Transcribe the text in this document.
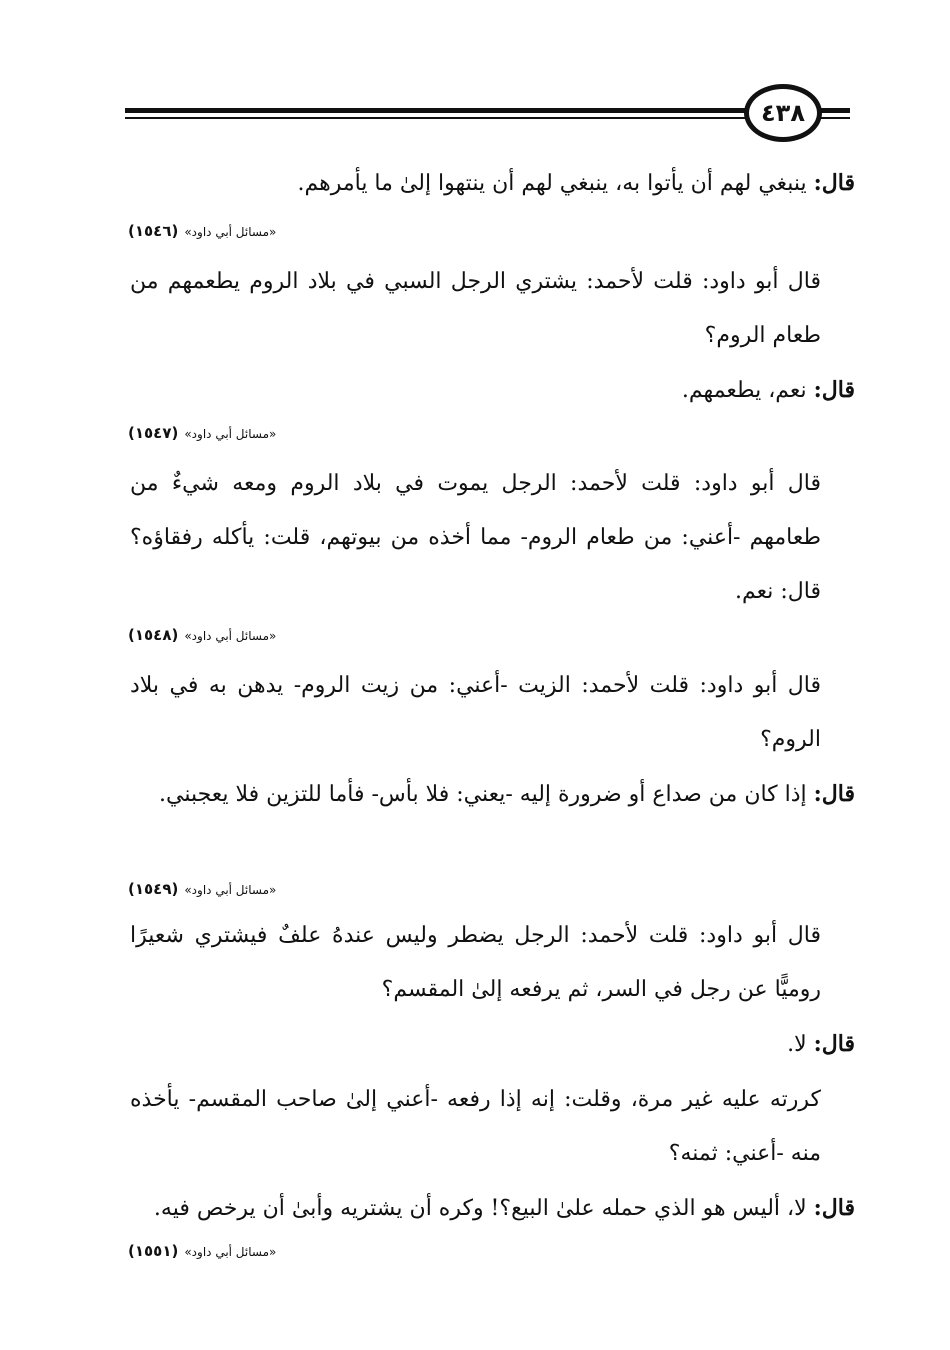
٤٣٨

قال: ينبغي لهم أن يأتوا به، ينبغي لهم أن ينتهوا إلىٰ ما يأمرهم.

«مسائل أبي داود»(١٥٤٦)

قال أبو داود: قلت لأحمد: يشتري الرجل السبي في بلاد الروم يطعمهم من طعام الروم؟

قال: نعم، يطعمهم.

«مسائل أبي داود»(١٥٤٧)

قال أبو داود: قلت لأحمد: الرجل يموت في بلاد الروم ومعه شيءٌ من طعامهم -أعني: من طعام الروم- مما أخذه من بيوتهم، قلت: يأكله رفقاؤه؟ قال: نعم.

«مسائل أبي داود»(١٥٤٨)

قال أبو داود: قلت لأحمد: الزيت -أعني: من زيت الروم- يدهن به في بلاد الروم؟

قال: إذا كان من صداع أو ضرورة إليه -يعني: فلا بأس- فأما للتزين فلا يعجبني.

«مسائل أبي داود»(١٥٤٩)

قال أبو داود: قلت لأحمد: الرجل يضطر وليس عندهُ علفٌ فيشتري شعيرًا روميًّا عن رجل في السر، ثم يرفعه إلىٰ المقسم؟

قال: لا.

كررته عليه غير مرة، وقلت: إنه إذا رفعه -أعني إلىٰ صاحب المقسم- يأخذه منه -أعني: ثمنه؟

قال: لا، أليس هو الذي حمله علىٰ البيع؟! وكره أن يشتريه وأبىٰ أن يرخص فيه.

«مسائل أبي داود»(١٥٥١)
